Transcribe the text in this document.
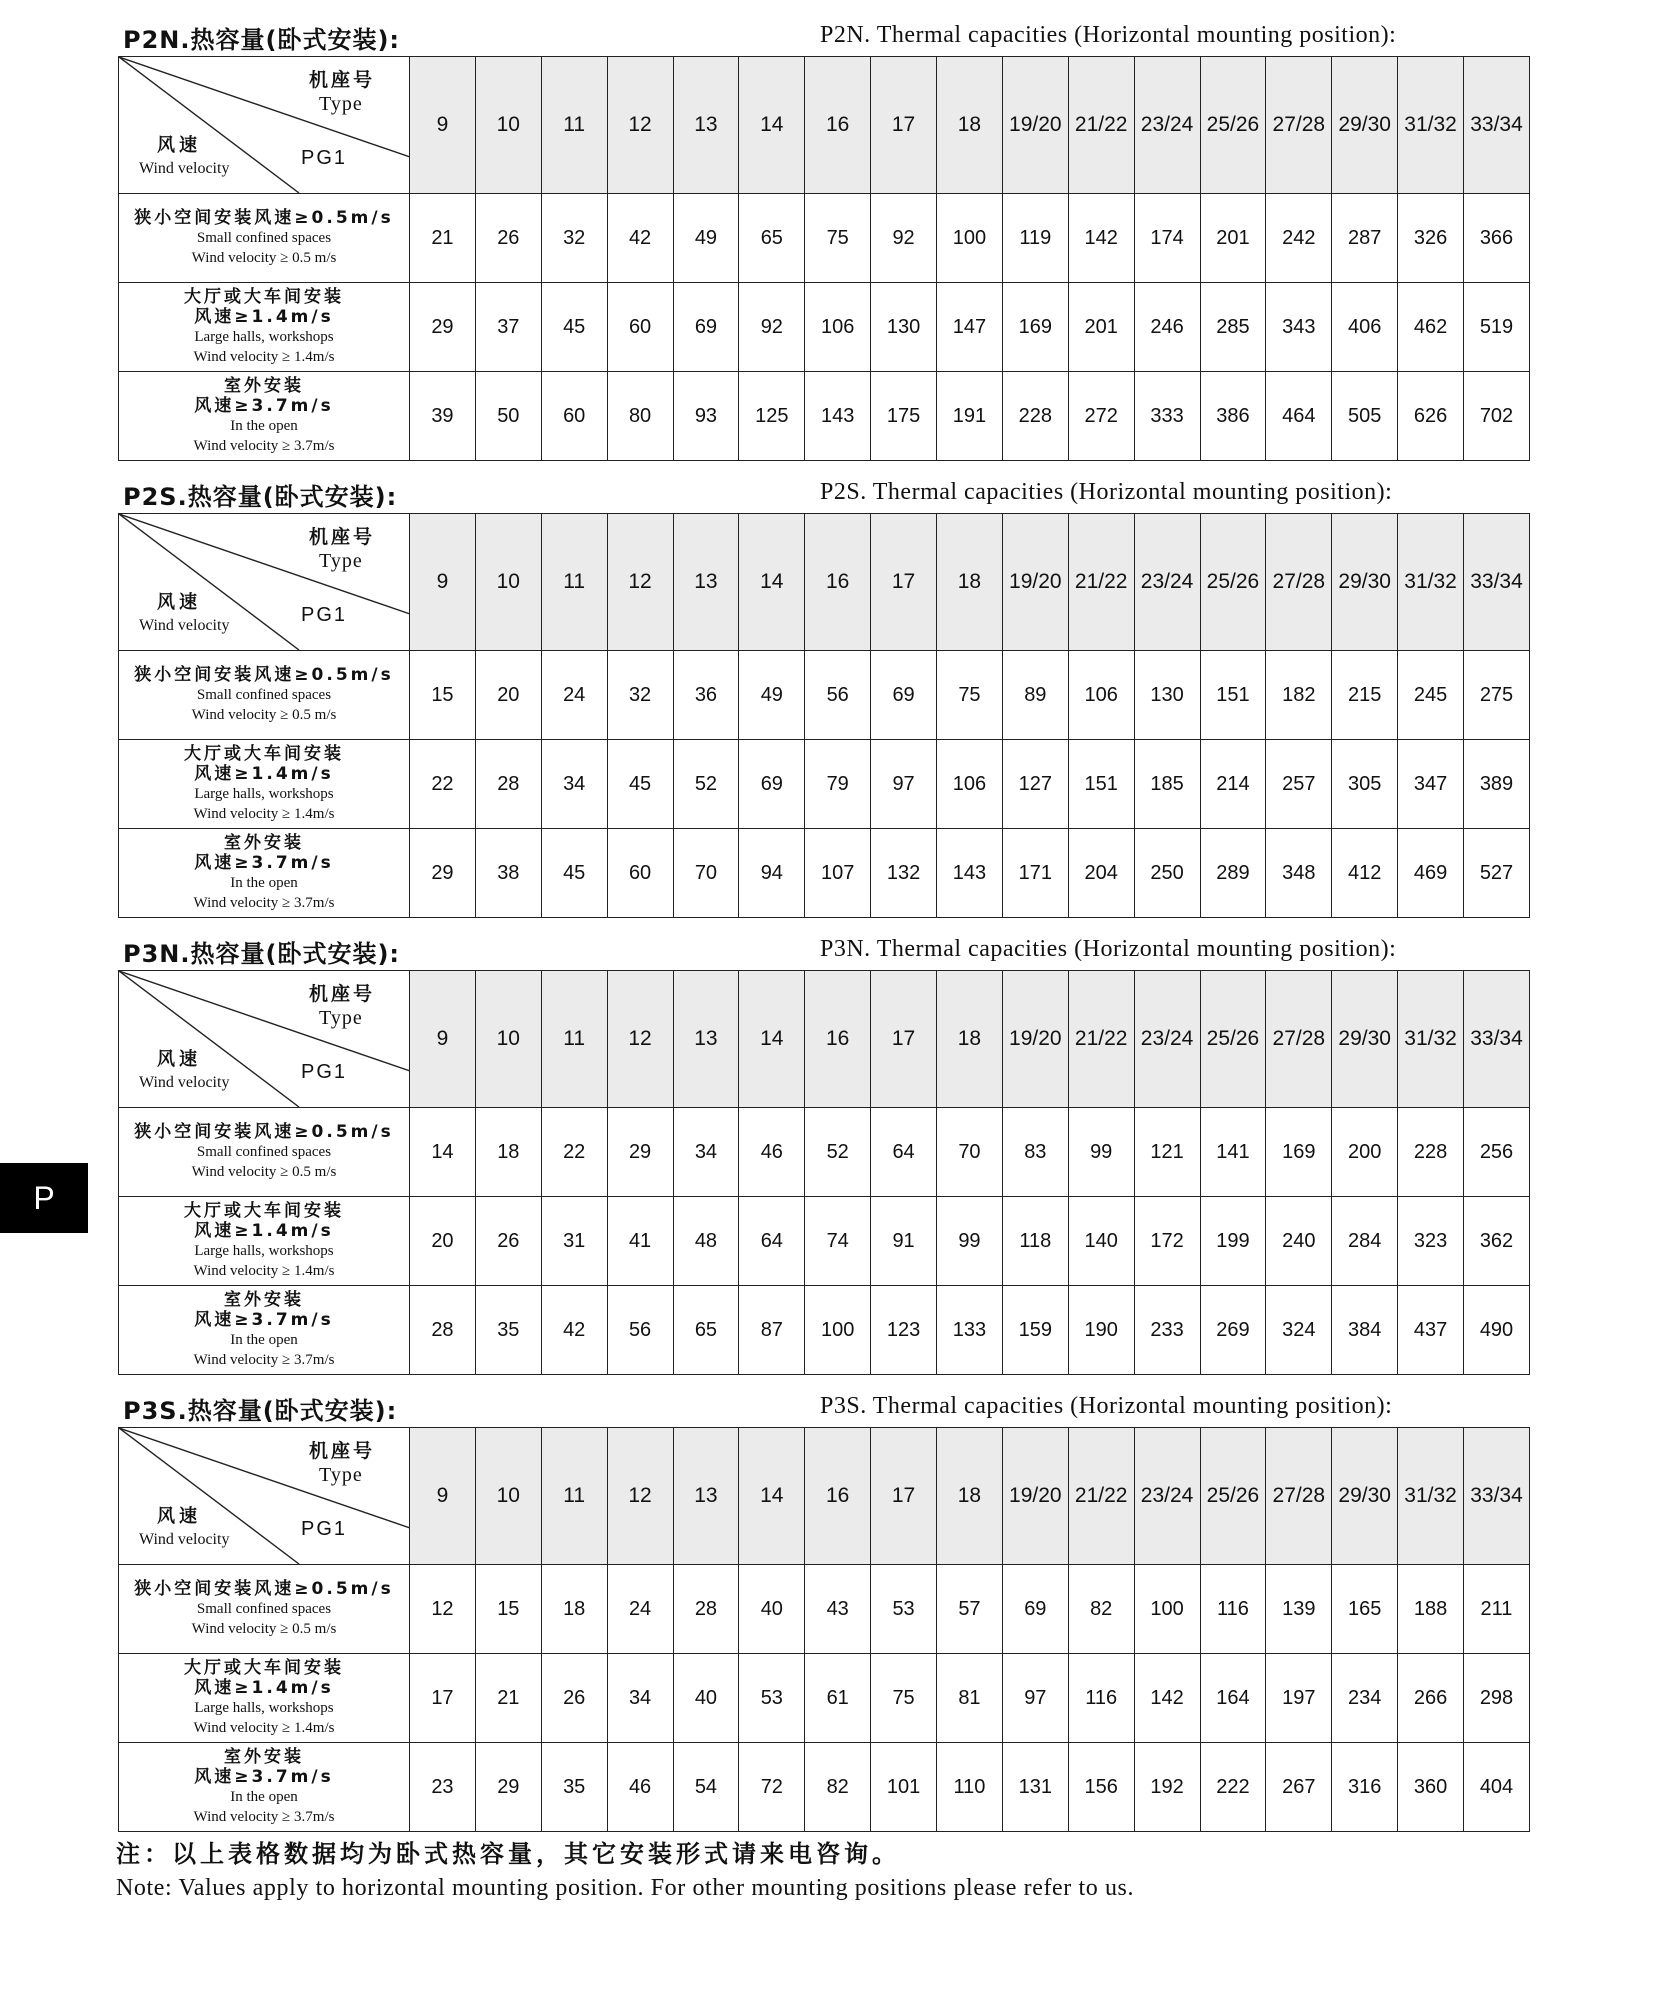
P2N.热容量(卧式安装):	P2N. Thermal capacities (Horizontal mounting position):
机座号
Type
风速
Wind velocity PG1	9	10	11	12	13	14	16	17	18	19/20	21/22	23/24	25/26	27/28	29/30	31/32	33/34

狭小空间安装风速≥0.5m/s
Small confined spaces
Wind velocity ≥ 0.5 m/s	21	26	32	42	49	65	75	92	100	119	142	174	201	242	287	326	366

大厅或大车间安装
风速≥1.4m/s
Large halls, workshops
Wind velocity ≥ 1.4m/s	29	37	45	60	69	92	106	130	147	169	201	246	285	343	406	462	519

室外安装
风速≥3.7m/s
In the open
Wind velocity ≥ 3.7m/s	39	50	60	80	93	125	143	175	191	228	272	333	386	464	505	626	702
P2S.热容量(卧式安装):	P2S. Thermal capacities (Horizontal mounting position):
机座号
Type
风速
Wind velocity PG1	9	10	11	12	13	14	16	17	18	19/20	21/22	23/24	25/26	27/28	29/30	31/32	33/34

狭小空间安装风速≥0.5m/s
Small confined spaces
Wind velocity ≥ 0.5 m/s	15	20	24	32	36	49	56	69	75	89	106	130	151	182	215	245	275

大厅或大车间安装
风速≥1.4m/s
Large halls, workshops
Wind velocity ≥ 1.4m/s	22	28	34	45	52	69	79	97	106	127	151	185	214	257	305	347	389

室外安装
风速≥3.7m/s
In the open
Wind velocity ≥ 3.7m/s	29	38	45	60	70	94	107	132	143	171	204	250	289	348	412	469	527
P3N.热容量(卧式安装):	P3N. Thermal capacities (Horizontal mounting position):
机座号
Type
风速
Wind velocity PG1	9	10	11	12	13	14	16	17	18	19/20	21/22	23/24	25/26	27/28	29/30	31/32	33/34

狭小空间安装风速≥0.5m/s
Small confined spaces
Wind velocity ≥ 0.5 m/s	14	18	22	29	34	46	52	64	70	83	99	121	141	169	200	228	256

大厅或大车间安装
风速≥1.4m/s
Large halls, workshops
Wind velocity ≥ 1.4m/s	20	26	31	41	48	64	74	91	99	118	140	172	199	240	284	323	362

室外安装
风速≥3.7m/s
In the open
Wind velocity ≥ 3.7m/s	28	35	42	56	65	87	100	123	133	159	190	233	269	324	384	437	490
P3S.热容量(卧式安装):	P3S. Thermal capacities (Horizontal mounting position):
机座号
Type
风速
Wind velocity PG1	9	10	11	12	13	14	16	17	18	19/20	21/22	23/24	25/26	27/28	29/30	31/32	33/34

狭小空间安装风速≥0.5m/s
Small confined spaces
Wind velocity ≥ 0.5 m/s	12	15	18	24	28	40	43	53	57	69	82	100	116	139	165	188	211

大厅或大车间安装
风速≥1.4m/s
Large halls, workshops
Wind velocity ≥ 1.4m/s	17	21	26	34	40	53	61	75	81	97	116	142	164	197	234	266	298

室外安装
风速≥3.7m/s
In the open
Wind velocity ≥ 3.7m/s	23	29	35	46	54	72	82	101	110	131	156	192	222	267	316	360	404
注：以上表格数据均为卧式热容量，其它安装形式请来电咨询。
Note: Values apply to horizontal mounting position. For other mounting positions please refer to us.
P
